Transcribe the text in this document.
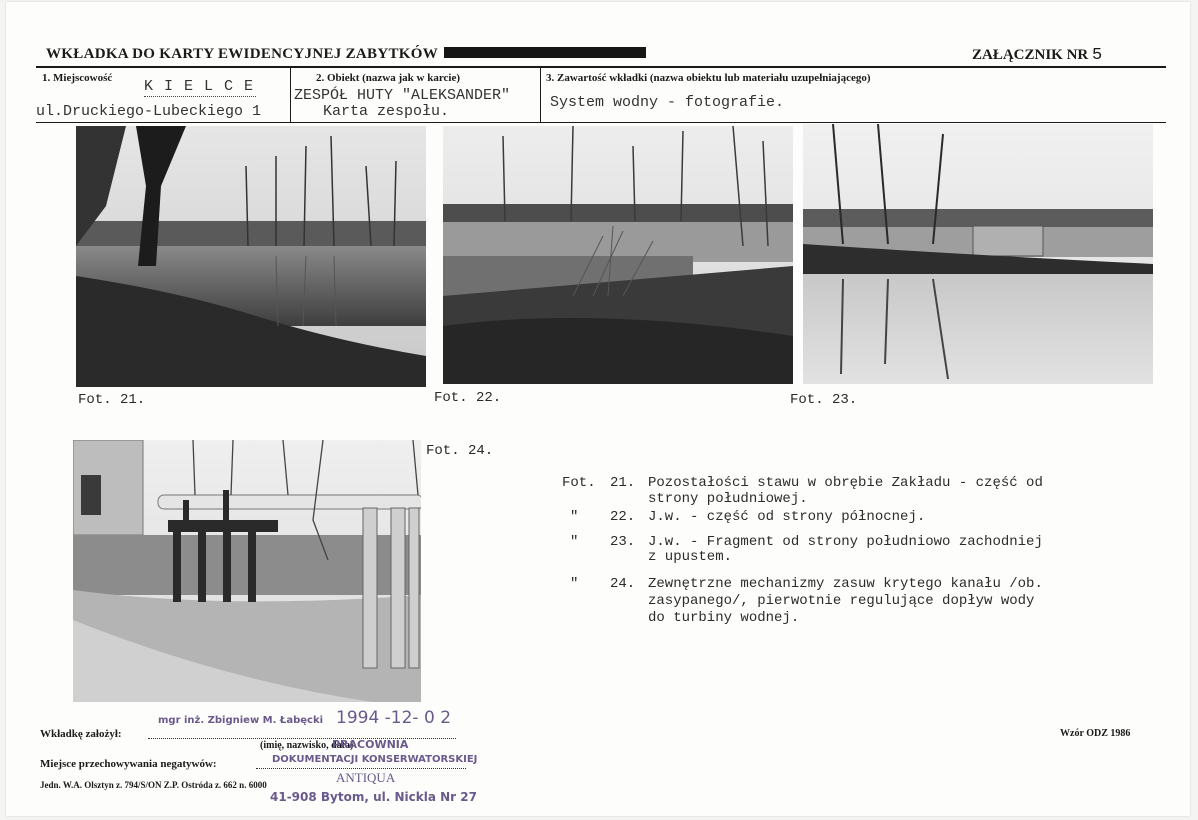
WKŁADKA DO KARTY EWIDENCYJNEJ ZABYTKÓW	ZAŁĄCZNIK NR 5
1. Miejscowość K I E L C E
ul.Druckiego-Lubeckiego 1
2. Obiekt (nazwa jak w karcie)
ZESPÓŁ HUTY "ALEKSANDER"
Karta zespołu.
3. Zawartość wkładki (nazwa obiektu lub materiału uzupełniającego)
System wodny - fotografie.
Fot. 21.	Fot. 22.	Fot. 23.
Fot. 24.
Fot. 21. Pozostałości stawu w obrębie Zakładu - część od
strony południowej.
" 22. J.w. - część od strony północnej.
" 23. J.w. - Fragment od strony południowo zachodniej
z upustem.
" 24. Zewnętrzne mechanizmy zasuw krytego kanału /ob.
zasypanego/, pierwotnie regulujące dopływ wody
do turbiny wodnej.
Wkładkę założył:
mgr inż. Zbigniew M. Łabęcki 1994 -12- 0 2
(imię, nazwisko, data)
Miejsce przechowywania negatywów:
PRACOWNIA
DOKUMENTACJI KONSERWATORSKIEJ
ANTIQUA
41-908 Bytom, ul. Nickla Nr 27
Jedn. W.A. Olsztyn z. 794/S/ON Z.P. Ostróda z. 662 n. 6000
Wzór ODZ 1986
